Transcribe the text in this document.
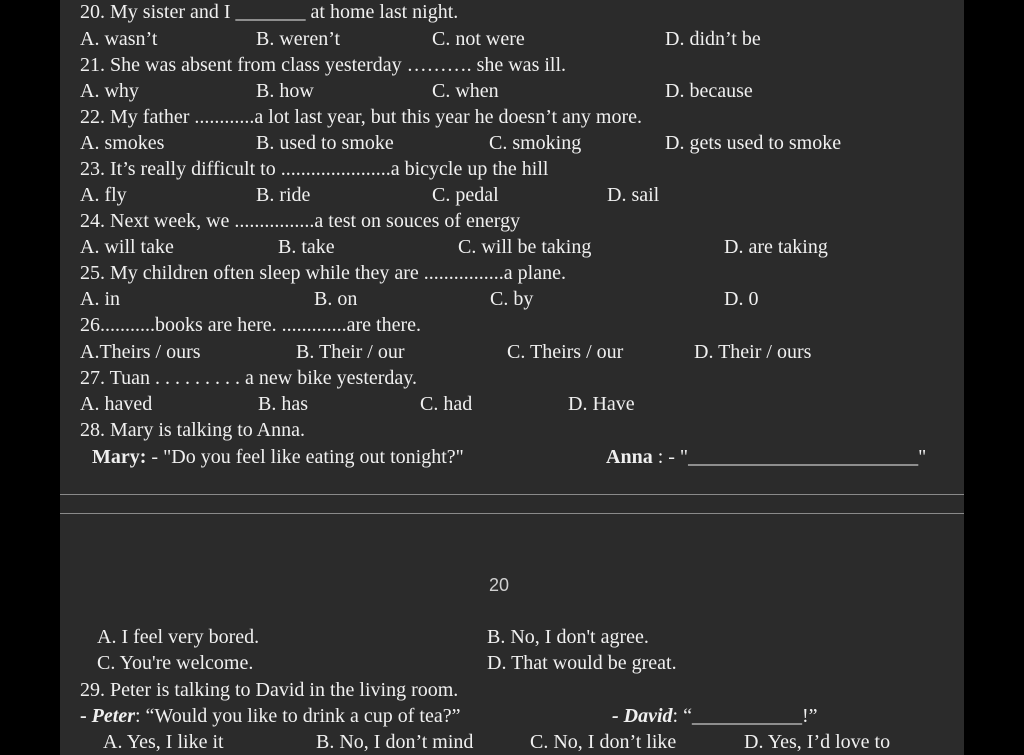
20. My sister and I _______ at home last night.
A. wasn’t	B. weren’t	C. not were	D. didn’t be
21. She was absent from class yesterday ………. she was ill.
A. why	B. how	C. when	D. because
22. My father ............a lot last year, but this year he doesn’t any more.
A. smokes	B. used to smoke	C. smoking	D. gets used to smoke
23. It’s really difficult to ......................a bicycle up the hill
A. fly	B. ride	C. pedal	D. sail
24. Next week, we ................a test on souces of energy
A. will take	B. take	C. will be taking	D. are taking
25. My children often sleep while they are ................a plane.
A. in	B. on	C. by	D. 0
26...........books are here. .............are there.
A.Theirs / ours	B. Their / our	C. Theirs / our	D. Their / ours
27. Tuan . . . . . . . . . a new bike yesterday.
A. haved	B. has	C. had	D. Have
28. Mary is talking to Anna.
Mary: - "Do you feel like eating out tonight?"	Anna : - "_______________________"
20
A. I feel very bored.	B. No, I don't agree.
C. You're welcome.	D. That would be great.
29. Peter is talking to David in the living room.
- Peter: “Would you like to drink a cup of tea?”	- David: “___________!”
A. Yes, I like it	B. No, I don’t mind	C. No, I don’t like	D. Yes, I’d love to
